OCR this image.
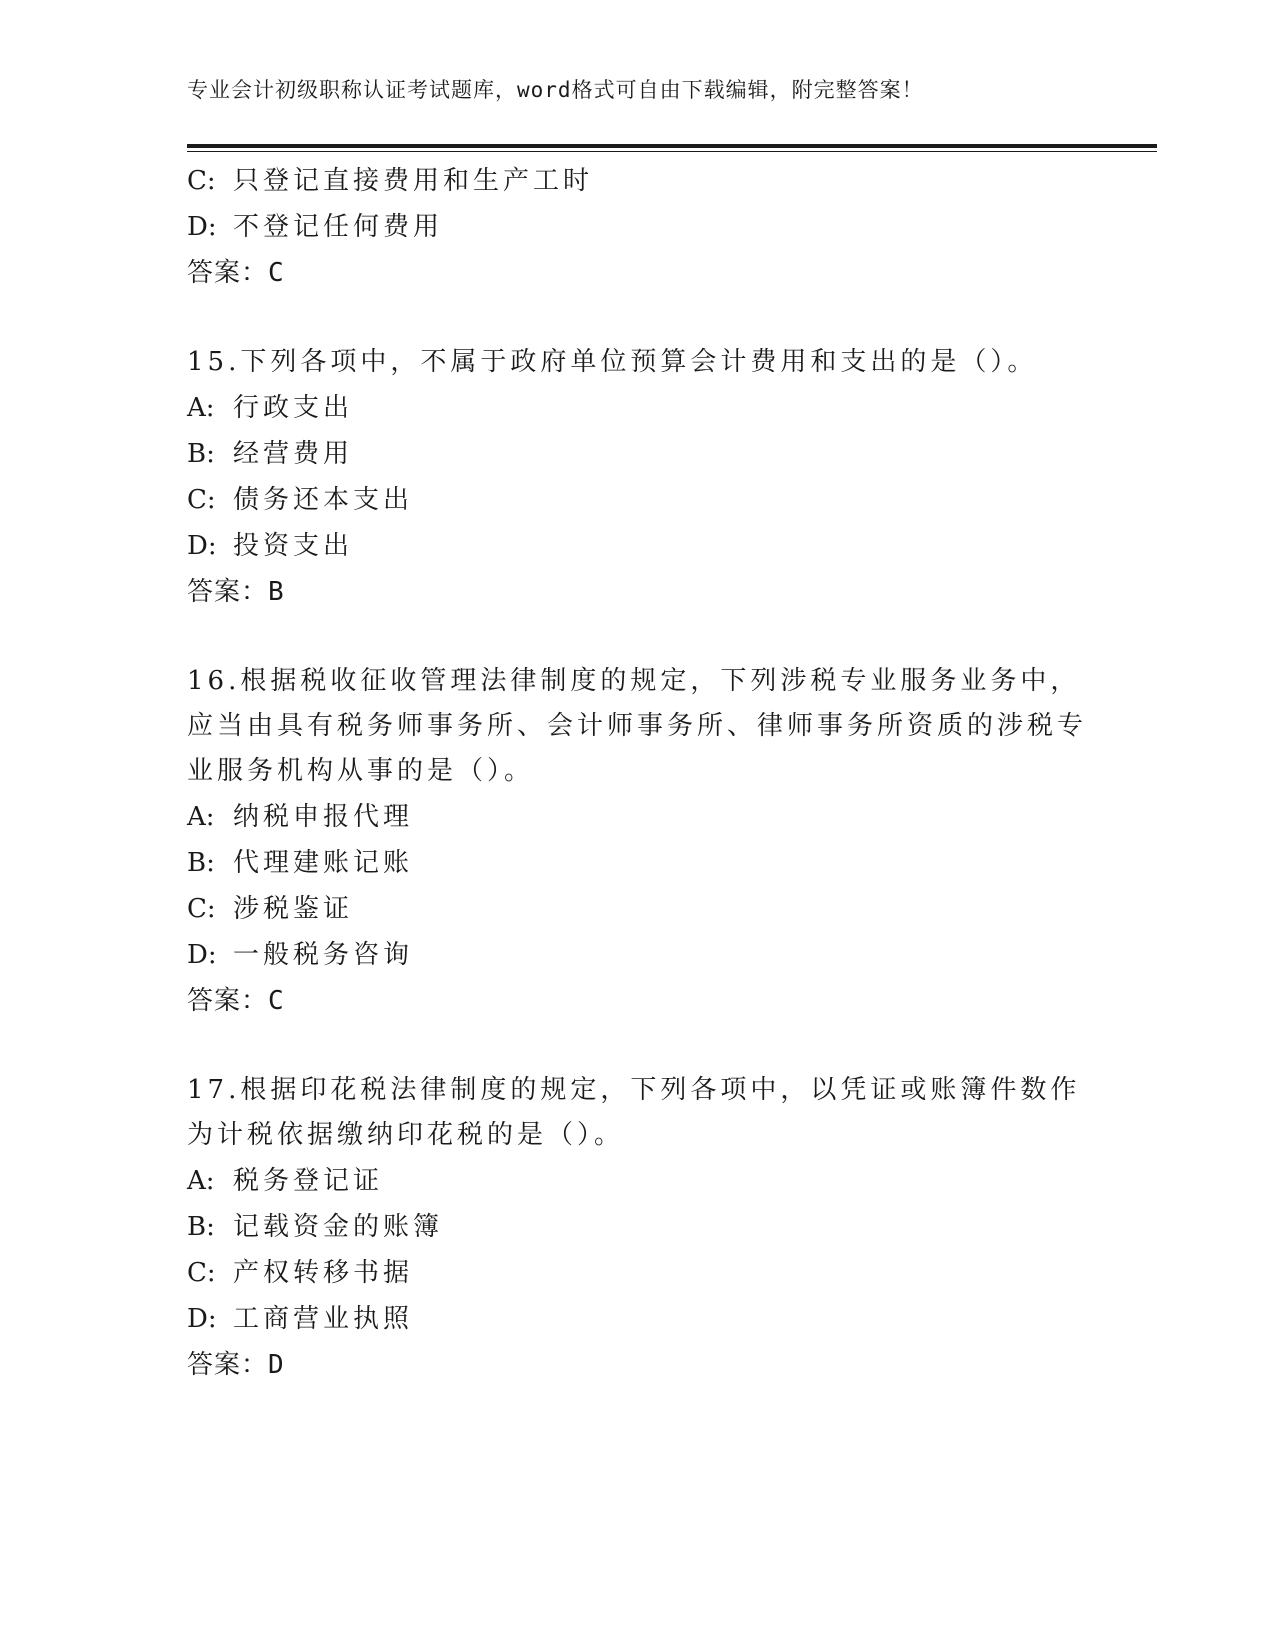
专业会计初级职称认证考试题库，word格式可自由下载编辑，附完整答案！
C: 只登记直接费用和生产工时
D: 不登记任何费用
答案：C
15.下列各项中，不属于政府单位预算会计费用和支出的是（）。
A: 行政支出
B: 经营费用
C: 债务还本支出
D: 投资支出
答案：B
16.根据税收征收管理法律制度的规定，下列涉税专业服务业务中，应当由具有税务师事务所、会计师事务所、律师事务所资质的涉税专业服务机构从事的是（）。
A: 纳税申报代理
B: 代理建账记账
C: 涉税鉴证
D: 一般税务咨询
答案：C
17.根据印花税法律制度的规定，下列各项中，以凭证或账簿件数作为计税依据缴纳印花税的是（）。
A: 税务登记证
B: 记载资金的账簿
C: 产权转移书据
D: 工商营业执照
答案：D
